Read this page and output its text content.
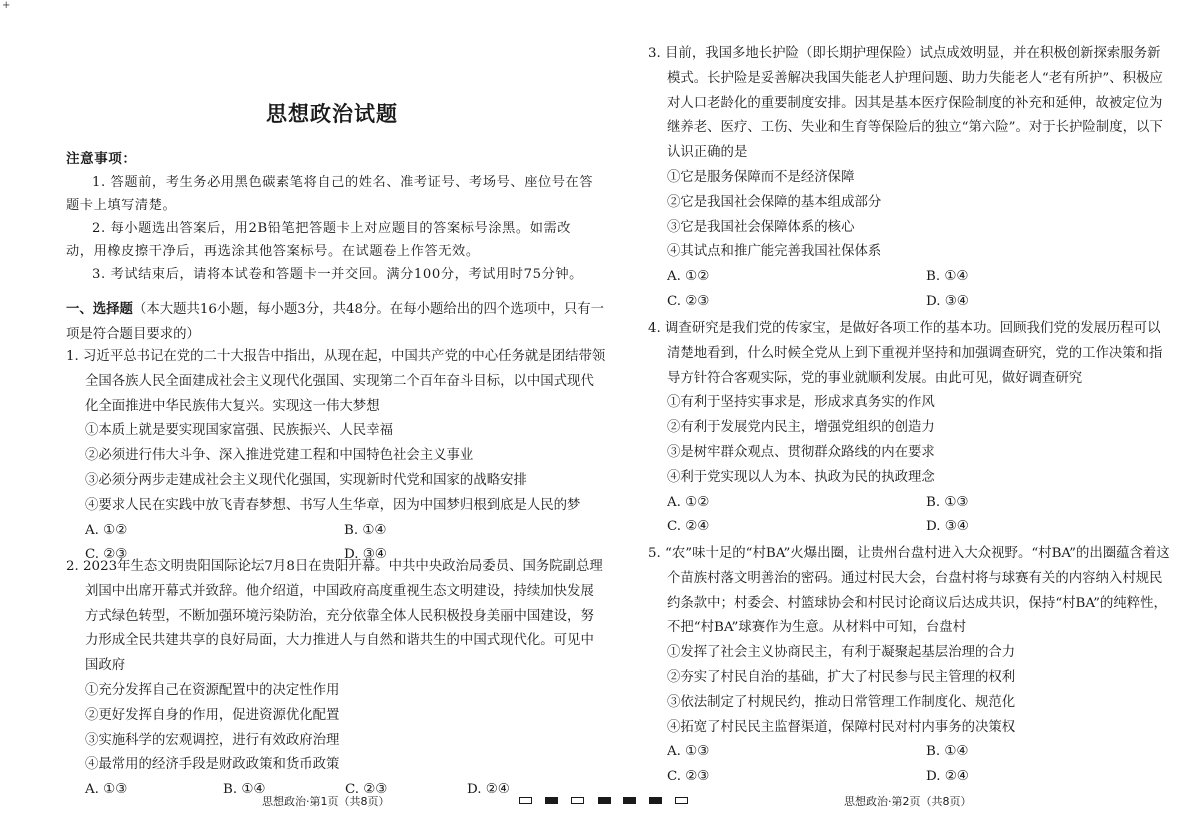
+
思想政治试题
注意事项：

1. 答题前，考生务必用黑色碳素笔将自己的姓名、准考证号、考场号、座位号在答题卡上填写清楚。

2. 每小题选出答案后，用2B铅笔把答题卡上对应题目的答案标号涂黑。如需改动，用橡皮擦干净后，再选涂其他答案标号。在试题卷上作答无效。

3. 考试结束后，请将本试卷和答题卡一并交回。满分100分，考试用时75分钟。

一、选择题（本大题共16小题，每小题3分，共48分。在每小题给出的四个选项中，只有一项是符合题目要求的）

1. 习近平总书记在党的二十大报告中指出，从现在起，中国共产党的中心任务就是团结带领全国各族人民全面建成社会主义现代化强国、实现第二个百年奋斗目标，以中国式现代化全面推进中华民族伟大复兴。实现这一伟大梦想

①本质上就是要实现国家富强、民族振兴、人民幸福

②必须进行伟大斗争、深入推进党建工程和中国特色社会主义事业

③必须分两步走建成社会主义现代化强国，实现新时代党和国家的战略安排

④要求人民在实践中放飞青春梦想、书写人生华章，因为中国梦归根到底是人民的梦

A. ①②	B. ①④
C. ②③	D. ③④

2. 2023年生态文明贵阳国际论坛7月8日在贵阳开幕。中共中央政治局委员、国务院副总理刘国中出席开幕式并致辞。他介绍道，中国政府高度重视生态文明建设，持续加快发展方式绿色转型，不断加强环境污染防治，充分依靠全体人民积极投身美丽中国建设，努力形成全民共建共享的良好局面，大力推进人与自然和谐共生的中国式现代化。可见中国政府

①充分发挥自己在资源配置中的决定性作用

②更好发挥自身的作用，促进资源优化配置

③实施科学的宏观调控，进行有效政府治理

④最常用的经济手段是财政政策和货币政策

A. ①③	B. ①④	C. ②③	D. ②④
思想政治·第1页（共8页）

3. 目前，我国多地长护险（即长期护理保险）试点成效明显，并在积极创新探索服务新模式。长护险是妥善解决我国失能老人护理问题、助力失能老人“老有所护”、积极应对人口老龄化的重要制度安排。因其是基本医疗保险制度的补充和延伸，故被定位为继养老、医疗、工伤、失业和生育等保险后的独立“第六险”。对于长护险制度，以下认识正确的是

①它是服务保障而不是经济保障

②它是我国社会保障的基本组成部分

③它是我国社会保障体系的核心

④其试点和推广能完善我国社保体系

A. ①②	B. ①④
C. ②③	D. ③④

4. 调查研究是我们党的传家宝，是做好各项工作的基本功。回顾我们党的发展历程可以清楚地看到，什么时候全党从上到下重视并坚持和加强调查研究，党的工作决策和指导方针符合客观实际，党的事业就顺利发展。由此可见，做好调查研究

①有利于坚持实事求是，形成求真务实的作风

②有利于发展党内民主，增强党组织的创造力

③是树牢群众观点、贯彻群众路线的内在要求

④利于党实现以人为本、执政为民的执政理念

A. ①②	B. ①③
C. ②④	D. ③④

5. “农”味十足的“村BA”火爆出圈，让贵州台盘村进入大众视野。“村BA”的出圈蕴含着这个苗族村落文明善治的密码。通过村民大会，台盘村将与球赛有关的内容纳入村规民约条款中；村委会、村篮球协会和村民讨论商议后达成共识，保持“村BA”的纯粹性，不把“村BA”球赛作为生意。从材料中可知，台盘村

①发挥了社会主义协商民主，有利于凝聚起基层治理的合力

②夯实了村民自治的基础，扩大了村民参与民主管理的权利

③依法制定了村规民约，推动日常管理工作制度化、规范化

④拓宽了村民民主监督渠道，保障村民对村内事务的决策权

A. ①③	B. ①④
C. ②③	D. ②④
思想政治·第2页（共8页）
